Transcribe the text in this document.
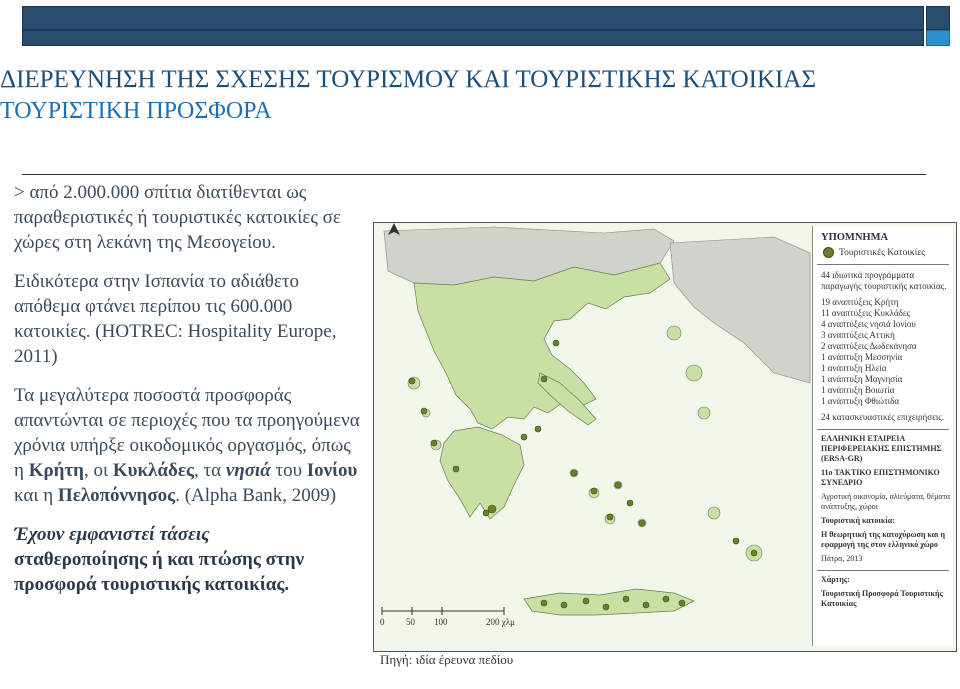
ΔΙΕΡΕΥΝΗΣΗ ΤΗΣ ΣΧΕΣΗΣ ΤΟΥΡΙΣΜΟΥ ΚΑΙ ΤΟΥΡΙΣΤΙΚΗΣ ΚΑΤΟΙΚΙΑΣ
ΤΟΥΡΙΣΤΙΚΗ ΠΡΟΣΦΟΡΑ

> από 2.000.000 σπίτια διατίθενται ως παραθεριστικές ή τουριστικές κατοικίες σε χώρες στη λεκάνη της Μεσογείου.

Ειδικότερα στην Ισπανία το αδιάθετο απόθεμα φτάνει περίπου τις 600.000 κατοικίες. (HOTREC: Hospitality Europe, 2011)

Τα μεγαλύτερα ποσοστά προσφοράς απαντώνται σε περιοχές που τα προηγούμενα χρόνια υπήρξε οικοδομικός οργασμός, όπως η Κρήτη, οι Κυκλάδες, τα νησιά του Ιονίου και η Πελοπόννησος. (Alpha Bank, 2009)

Έχουν εμφανιστεί τάσεις
σταθεροποίησης ή και πτώσης στην προσφορά τουριστικής κατοικίας.

0 50 100	200 χλμ
ΥΠΟΜΝΗΜΑ
Τουριστικές Κατοικίες
44 ιδιωτικά προγράμματα παραγωγής τουριστικής κατοικίας.
19 αναπτύξεις Κρήτη
11 αναπτύξεις Κυκλάδες
4 αναπτύξεις νησιά Ιονίου
3 αναπτύξεις Αττική
2 αναπτύξεις Δωδεκάνησα
1 ανάπτυξη Μεσσηνία
1 ανάπτυξη Ηλεία
1 ανάπτυξη Μαγνησία
1 ανάπτυξη Βοιωτία
1 ανάπτυξη Φθιώτιδα
24 κατασκευαστικές επιχειρήσεις.
ΕΛΛΗΝΙΚΗ ΕΤΑΙΡΕΙΑ ΠΕΡΙΦΕΡΕΙΑΚΗΣ ΕΠΙΣΤΗΜΗΣ (ERSA-GR)
11ο ΤΑΚΤΙΚΟ ΕΠΙΣΤΗΜΟΝΙΚΟ ΣΥΝΕΔΡΙΟ
Αγροτική οικονομία, αλιεύματα, θέματα ανάπτυξης, χώροι
Τουριστική κατοικία:
Η θεωρητική της κατοχύρωση και η εφαρμογή της στον ελληνικό χώρο
Πάτρα, 2013
Χάρτης:
Τουριστική Προσφορά Τουριστικής Κατοικίας
Πηγή: ιδία έρευνα πεδίου
